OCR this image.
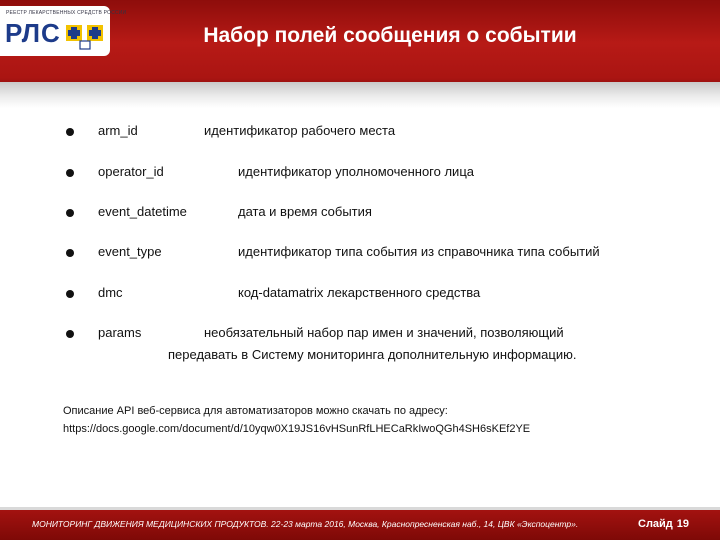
РЕЕСТР ЛЕКАРСТВЕННЫХ СРЕДСТВ РОССИИ
РЛС	Набор полей сообщения о событии
arm_id	идентификатор рабочего места
operator_id	идентификатор уполномоченного лица
event_datetime	дата и время события
event_type	идентификатор типа события из справочника типа событий
dmc	код-datamatrix лекарственного средства
params	необязательный набор пар имен и значений, позволяющий
передавать в Систему мониторинга дополнительную информацию.
Описание API веб-сервиса для автоматизаторов можно скачать по адресу:
https://docs.google.com/document/d/10yqw0X19JS16vHSunRfLHECaRkIwoQGh4SH6sKEf2YE
МОНИТОРИНГ ДВИЖЕНИЯ МЕДИЦИНСКИХ ПРОДУКТОВ. 22-23 марта 2016, Москва, Краснопресненская наб., 14, ЦВК «Экспоцентр».	Слайд 19
